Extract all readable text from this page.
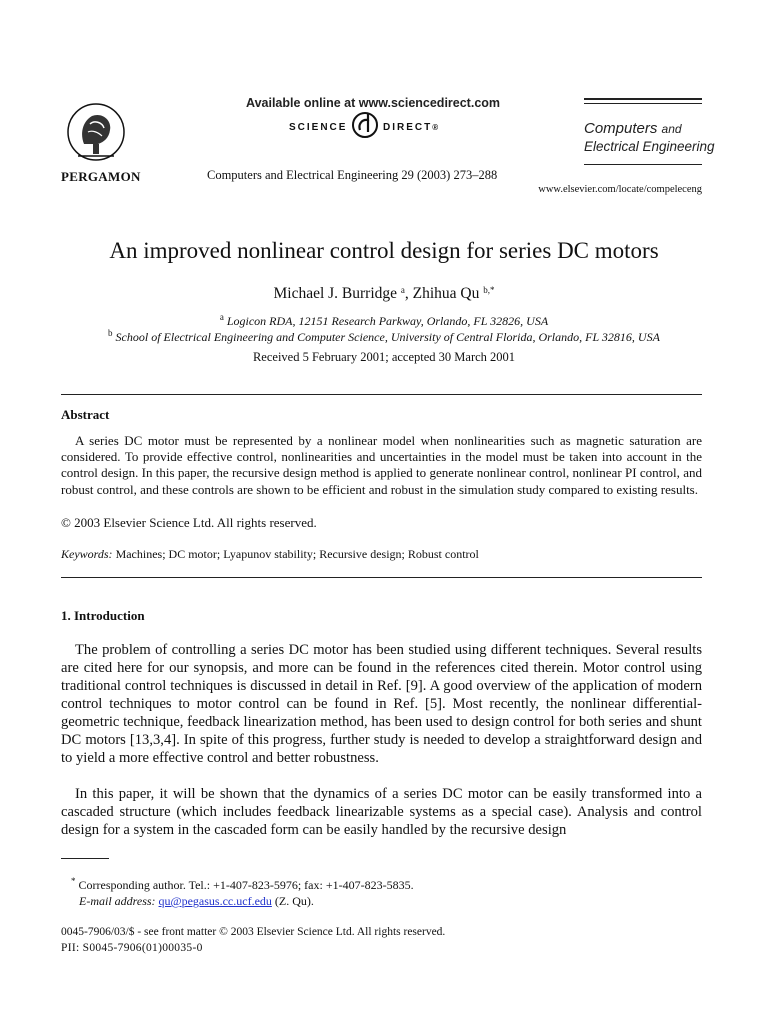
PERGAMON
Available online at www.sciencedirect.com
SCIENCE	DIRECT®	Computers and
Electrical Engineering
Computers and Electrical Engineering 29 (2003) 273–288
www.elsevier.com/locate/compeleceng
An improved nonlinear control design for series DC motors
Michael J. Burridge $^a$, Zhihua Qu $^{b,*}$
$^a$ Logicon RDA, 12151 Research Parkway, Orlando, FL 32826, USA
$^b$ School of Electrical Engineering and Computer Science, University of Central Florida, Orlando, FL 32816, USA
Received 5 February 2001; accepted 30 March 2001
Abstract
A series DC motor must be represented by a nonlinear model when nonlinearities such as magnetic saturation are considered. To provide effective control, nonlinearities and uncertainties in the model must be taken into account in the control design. In this paper, the recursive design method is applied to generate nonlinear control, nonlinear PI control, and robust control, and these controls are shown to be efficient and robust in the simulation study compared to existing results.
© 2003 Elsevier Science Ltd. All rights reserved.
Keywords: Machines; DC motor; Lyapunov stability; Recursive design; Robust control
1. Introduction
The problem of controlling a series DC motor has been studied using different techniques. Several results are cited here for our synopsis, and more can be found in the references cited therein. Motor control using traditional control techniques is discussed in detail in Ref. [9]. A good overview of the application of modern control techniques to motor control can be found in Ref. [5]. Most recently, the nonlinear differential-geometric technique, feedback linearization method, has been used to design control for both series and shunt DC motors [13,3,4]. In spite of this progress, further study is needed to develop a straightforward design and to yield a more effective control and better robustness.
In this paper, it will be shown that the dynamics of a series DC motor can be easily transformed into a cascaded structure (which includes feedback linearizable systems as a special case). Analysis and control design for a system in the cascaded form can be easily handled by the recursive design
* Corresponding author. Tel.: +1-407-823-5976; fax: +1-407-823-5835.
E-mail address: qu@pegasus.cc.ucf.edu (Z. Qu).
0045-7906/03/$ - see front matter © 2003 Elsevier Science Ltd. All rights reserved.
PII: S0045-7906(01)00035-0
